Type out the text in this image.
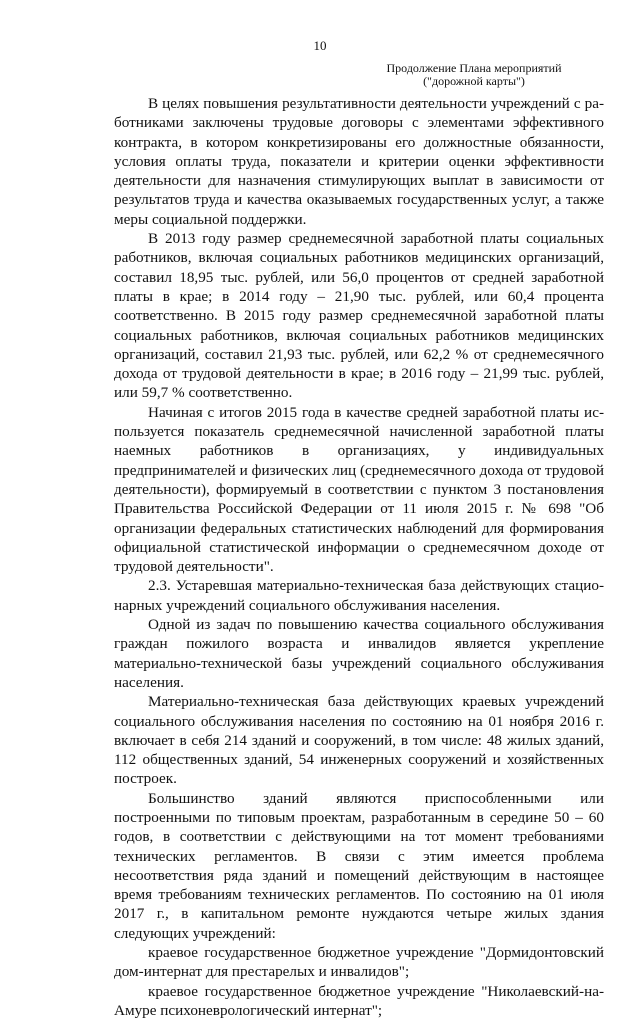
10
Продолжение Плана мероприятий
("дорожной карты")

В целях повышения результативности деятельности учреждений с работниками заключены трудовые договоры с элементами эффективного контракта, в котором конкретизированы его должностные обязанности, условия оплаты труда, показатели и критерии оценки эффективности деятельности для назначения стимулирующих выплат в зависимости от результатов труда и качества оказываемых государственных услуг, а также меры социальной поддержки.

В 2013 году размер среднемесячной заработной платы социальных работников, включая социальных работников медицинских организаций, составил 18,95 тыс. рублей, или 56,0 процентов от средней заработной платы в крае; в 2014 году – 21,90 тыс. рублей, или 60,4 процента соответственно. В 2015 году размер среднемесячной заработной платы социальных работников, включая социальных работников медицинских организаций, составил 21,93 тыс. рублей, или 62,2 % от среднемесячного дохода от трудовой деятельности в крае; в 2016 году – 21,99 тыс. рублей, или 59,7 % соответственно.

Начиная с итогов 2015 года в качестве средней заработной платы используется показатель среднемесячной начисленной заработной платы наемных работников в организациях, у индивидуальных предпринимателей и физических лиц (среднемесячного дохода от трудовой деятельности), формируемый в соответствии с пунктом 3 постановления Правительства Российской Федерации от 11 июля 2015 г. № 698 "Об организации федеральных статистических наблюдений для формирования официальной статистической информации о среднемесячном доходе от трудовой деятельности".

2.3. Устаревшая материально-техническая база действующих стационарных учреждений социального обслуживания населения.

Одной из задач по повышению качества социального обслуживания граждан пожилого возраста и инвалидов является укрепление материально-технической базы учреждений социального обслуживания населения.

Материально-техническая база действующих краевых учреждений социального обслуживания населения по состоянию на 01 ноября 2016 г. включает в себя 214 зданий и сооружений, в том числе: 48 жилых зданий, 112 общественных зданий, 54 инженерных сооружений и хозяйственных построек.

Большинство зданий являются приспособленными или построенными по типовым проектам, разработанным в середине 50 – 60 годов, в соответствии с действующими на тот момент требованиями технических регламентов. В связи с этим имеется проблема несоответствия ряда зданий и помещений действующим в настоящее время требованиям технических регламентов. По состоянию на 01 июля 2017 г., в капитальном ремонте нуждаются четыре жилых здания следующих учреждений:

краевое государственное бюджетное учреждение "Дормидонтовский дом-интернат для престарелых и инвалидов";

краевое государственное бюджетное учреждение "Николаевский-на-Амуре психоневрологический интернат";
